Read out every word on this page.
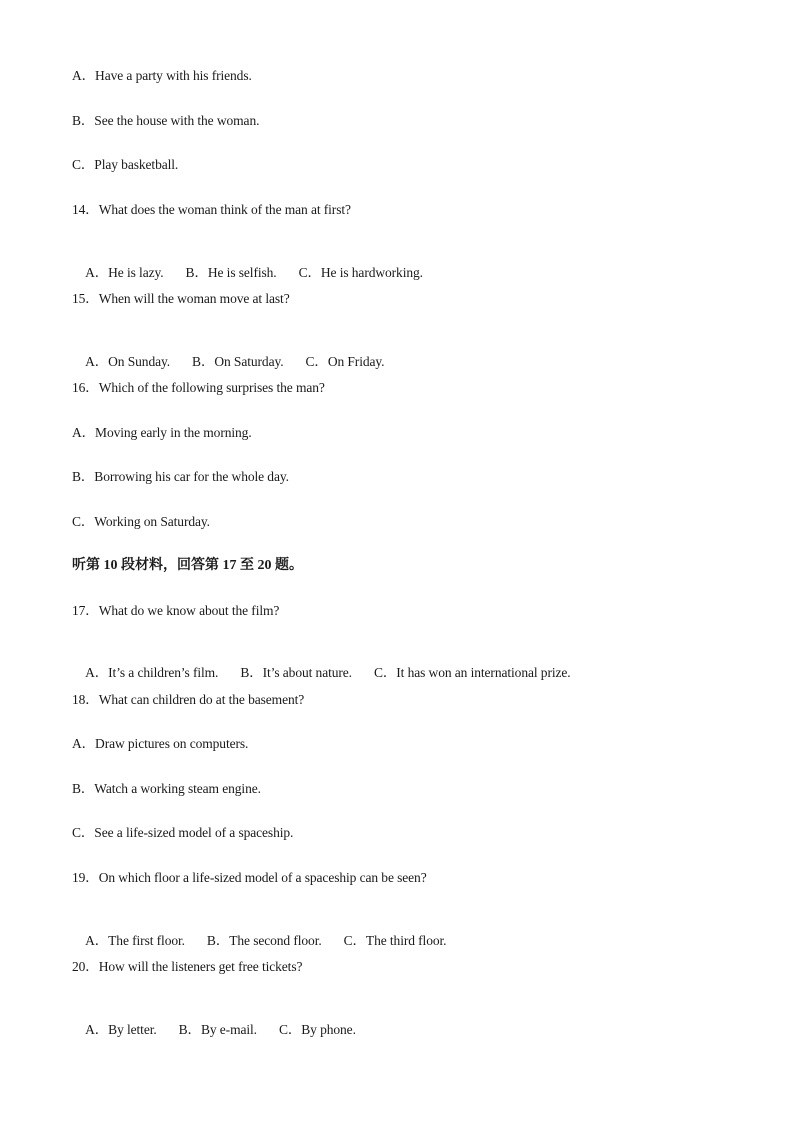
A．Have a party with his friends.
B．See the house with the woman.
C．Play basketball.
14．What does the woman think of the man at first?

A．He is lazy. B．He is selfish. C．He is hardworking.

15．When will the woman move at last?

A．On Sunday. B．On Saturday. C．On Friday.

16．Which of the following surprises the man?
A．Moving early in the morning.
B．Borrowing his car for the whole day.
C．Working on Saturday.
听第 10 段材料，回答第 17 至 20 题。
17．What do we know about the film?

A．It’s a children’s film. B．It’s about nature. C．It has won an international prize.

18．What can children do at the basement?
A．Draw pictures on computers.
B．Watch a working steam engine.
C．See a life-sized model of a spaceship.
19．On which floor a life-sized model of a spaceship can be seen?

A．The first floor. B．The second floor. C．The third floor.

20．How will the listeners get free tickets?

A．By letter. B．By e-mail. C．By phone.
